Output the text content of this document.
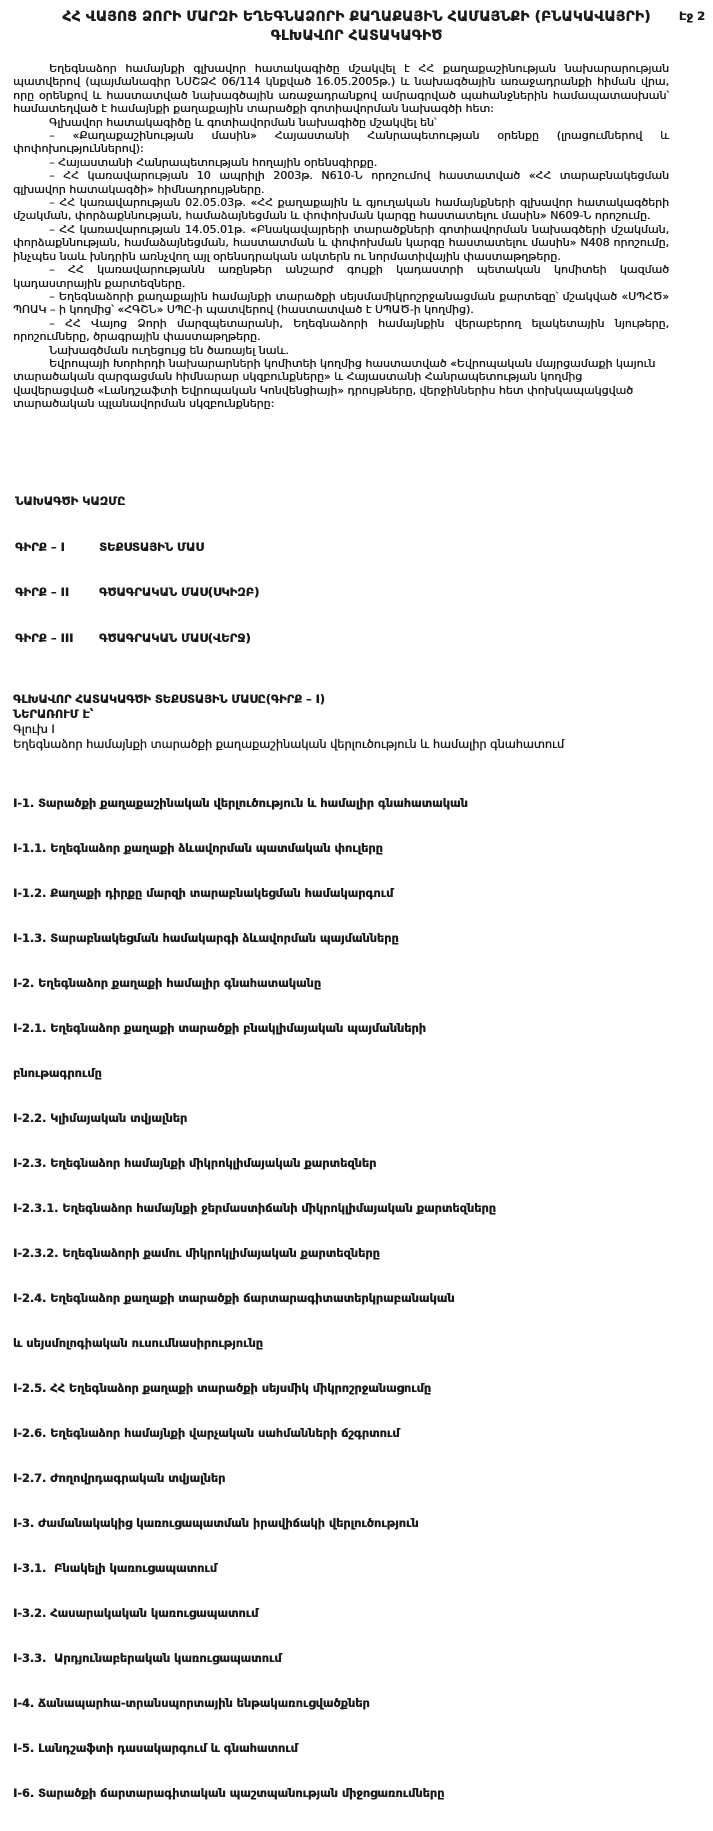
Էջ 2
ՀՀ ՎԱՅՈՑ ՁՈՐԻ ՄԱՐԶԻ ԵՂԵԳՆԱՁՈՐԻ ՔԱՂԱՔԱՅԻՆ ՀԱՄԱՅՆՔԻ (ԲՆԱԿԱՎԱՅՐԻ)
ԳԼԽԱՎՈՐ ՀԱՏԱԿԱԳԻԾ

Եղեգնաձոր համայնքի գլխավոր հատակագիծը մշակվել է ՀՀ քաղաքաշինության նախարարության պատվերով (պայմանագիր ՆՍՇՁՀ 06/114 կնքված 16.05.2005թ.) և նախագծային առաջադրանքի հիման վրա, որը օրենքով և հաստատված նախագծային առաջադրանքով ամրագրված պահանջներին համապատասխան՝ համատեղված է համայնքի քաղաքային տարածքի գոտիավորման նախագծի հետ:

Գլխավոր հատակագիծը և գոտիավորման նախագիծը մշակվել են՝

– «Քաղաքաշինության մասին» Հայաստանի Հանրապետության օրենքը (լրացումներով և փոփոխություններով):

– Հայաստանի Հանրապետության հողային օրենսգիրքը.

– ՀՀ կառավարության 10 ապրիլի 2003թ. N610-Ն որոշումով հաստատված «ՀՀ տարաբնակեցման գլխավոր հատակագծի» հիմնադրույթները.

– ՀՀ կառավարության 02.05.03թ. «ՀՀ քաղաքային և գյուղական համայնքների գլխավոր հատակագծերի մշակման, փորձաքննության, համաձայնեցման և փոփոխման կարգը հաստատելու մասին» N609-Ն որոշումը.

– ՀՀ կառավարության 14.05.01թ. «Բնակավայրերի տարածքների գոտիավորման նախագծերի մշակման, փորձաքննության, համաձայնեցման, հաստատման և փոփոխման կարգը հաստատելու մասին» N408 որոշումը, ինչպես նաև խնդրին առնչվող այլ օրենսդրական ակտերն ու նորմատիվային փաստաթղթերը.

– ՀՀ կառավարությանն առընթեր անշարժ գույքի կադաստրի պետական կոմիտեի կազմած կադաստրային քարտեզները.

– Եղեգնաձորի քաղաքային համայնքի տարածքի սեյսմամիկրոշրջանացման քարտեզը՝ մշակված «ՍՊՀԾ» ՊՈԱԿ – ի կողմից՝ «ՀԳՇՆ» ՍՊԸ-ի պատվերով (հաստատված է ՍՊԱԾ-ի կողմից).

– ՀՀ Վայոց Ձորի մարզպետարանի, Եղեգնաձորի համայնքին վերաբերող ելակետային նյութերը, որոշումները, ծրագրային փաստաթղթերը.

Նախագծման ուղեցույց են ծառայել նաև.

Եվրոպայի Խորհրդի նախարարների կոմիտեի կողմից հաստատված «Եվրոպական մայրցամաքի կայուն

տարածական զարգացման հիմնարար սկզբունքները» և Հայաստանի Հանրապետության կողմից

վավերացված «Լանդշաֆտի Եվրոպական Կոնվենցիայի» դրույթները, վերջիններիս հետ փոխկապակցված

տարածական պլանավորման սկզբունքները:

ՆԱԽԱԳԾԻ ԿԱԶՄԸ

ԳԻՐՔ – I	ՏԵՔՍՏԱՅԻՆ ՄԱՍ

ԳԻՐՔ – II	ԳԾԱԳՐԱԿԱՆ ՄԱՍ(ՍԿԻԶԲ)

ԳԻՐՔ – III ԳԾԱԳՐԱԿԱՆ ՄԱՍ(ՎԵՐՋ)

ԳԼԽԱՎՈՐ ՀԱՏԱԿԱԳԾԻ ՏԵՔՍՏԱՅԻՆ ՄԱՍԸ(ԳԻՐՔ – I)
ՆԵՐԱՌՈՒՄ Է՝
Գլուխ I
Եղեգնաձոր համայնքի տարածքի քաղաքաշինական վերլուծություն և համալիր գնահատում

I-1. Տարածքի քաղաքաշինական վերլուծություն և համալիր գնահատական

I-1.1. Եղեգնաձոր քաղաքի ձևավորման պատմական փուլերը

I-1.2. Քաղաքի դիրքը մարզի տարաբնակեցման համակարգում

I-1.3. Տարաբնակեցման համակարգի ձևավորման պայմանները

I-2. Եղեգնաձոր քաղաքի համալիր գնահատականը

I-2.1. Եղեգնաձոր քաղաքի տարածքի բնակլիմայական պայմանների

բնութագրումը

I-2.2. Կլիմայական տվյալներ

I-2.3. Եղեգնաձոր համայնքի միկրոկլիմայական քարտեզներ

I-2.3.1. Եղեգնաձոր համայնքի ջերմաստիճանի միկրոկլիմայական քարտեզները

I-2.3.2. Եղեգնաձորի քամու միկրոկլիմայական քարտեզները

I-2.4. Եղեգնաձոր քաղաքի տարածքի ճարտարագիտատերկրաբանական

և սեյսմոլոգիական ուսումնասիրությունը

I-2.5. ՀՀ Եղեգնաձոր քաղաքի տարածքի սեյսմիկ միկրոշրջանացումը

I-2.6. Եղեգնաձոր համայնքի վարչական սահմանների ճշգրտում

I-2.7. Ժողովրդագրական տվյալներ

I-3. Ժամանակակից կառուցապատման իրավիճակի վերլուծություն

I-3.1.  Բնակելի կառուցապատում

I-3.2. Հասարակական կառուցապատում

I-3.3.  Արդյունաբերական կառուցապատում

I-4. Ճանապարհա-տրանսպորտային ենթակառուցվածքներ

I-5. Լանդշաֆտի դասակարգում և գնահատում

I-6. Տարածքի ճարտարագիտական պաշտպանության միջոցառումները
